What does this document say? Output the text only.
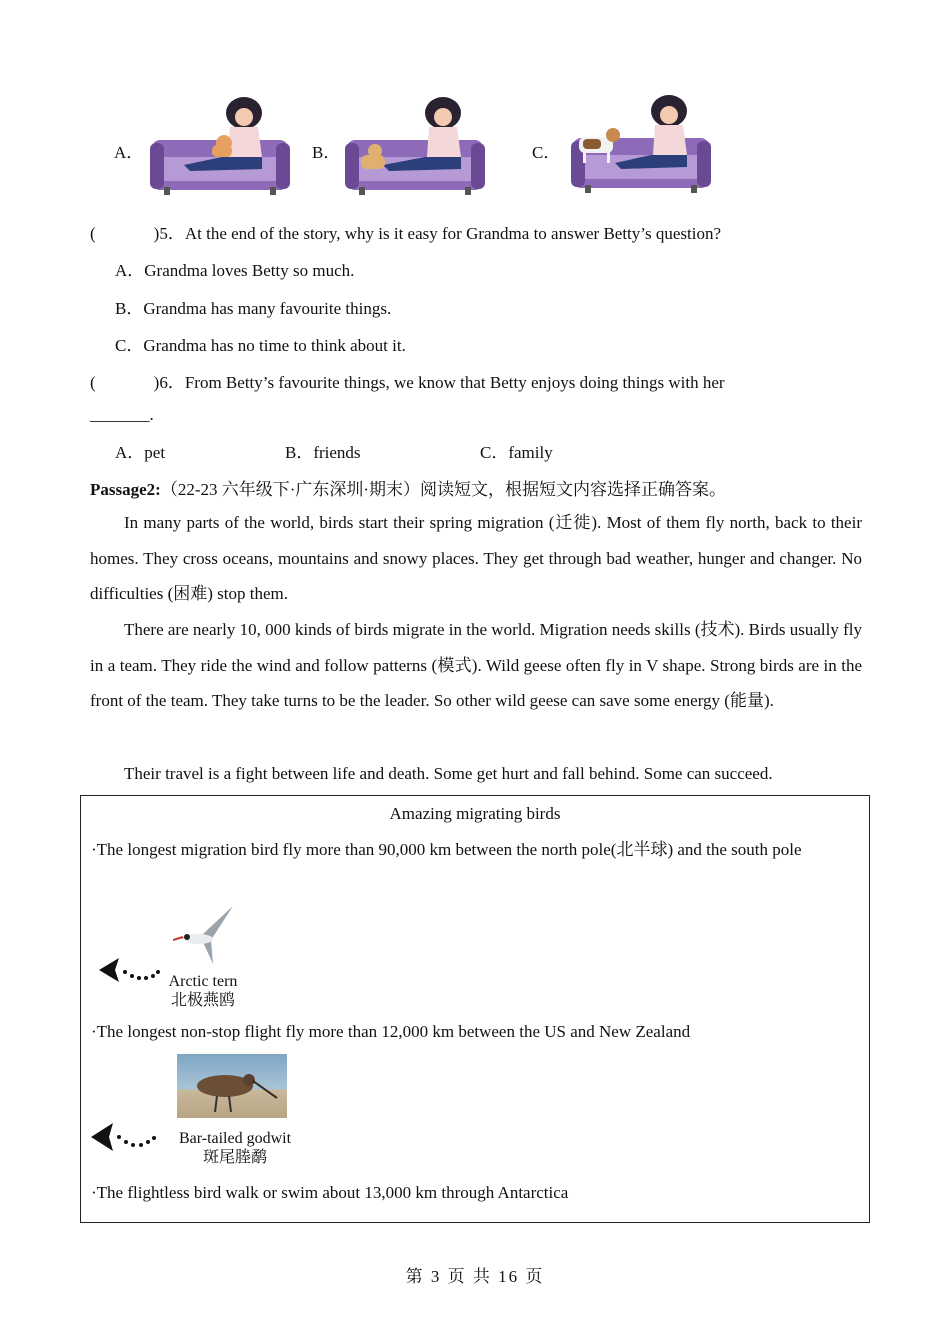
A．	B．	C．
(	)5．At the end of the story, why is it easy for Grandma to answer Betty’s question?
A．Grandma loves Betty so much.
B．Grandma has many favourite things.
C．Grandma has no time to think about it.
(	)6．From Betty’s favourite things, we know that Betty enjoys doing things with her
_______.
A．pet	B．friends	C．family
Passage2:（22-23 六年级下·广东深圳·期末）阅读短文，根据短文内容选择正确答案。
In many parts of the world, birds start their spring migration (迁徙). Most of them fly north, back to their homes. They cross oceans, mountains and snowy places. They get through bad weather, hunger and changer. No difficulties (困难) stop them.
There are nearly 10, 000 kinds of birds migrate in the world. Migration needs skills (技术). Birds usually fly in a team. They ride the wind and follow patterns (模式). Wild geese often fly in V shape. Strong birds are in the front of the team. They take turns to be the leader. So other wild geese can save some energy (能量).
Their travel is a fight between life and death. Some get hurt and fall behind. Some can succeed.
Amazing migrating birds
·The longest migration bird fly more than 90,000 km between the north pole(北半球) and the south pole
Arctic tern
北极燕鸥
·The longest non-stop flight fly more than 12,000 km between the US and New Zealand
Bar-tailed godwit
斑尾塍鹬
·The flightless bird walk or swim about 13,000 km through Antarctica
第 3 页 共 16 页
